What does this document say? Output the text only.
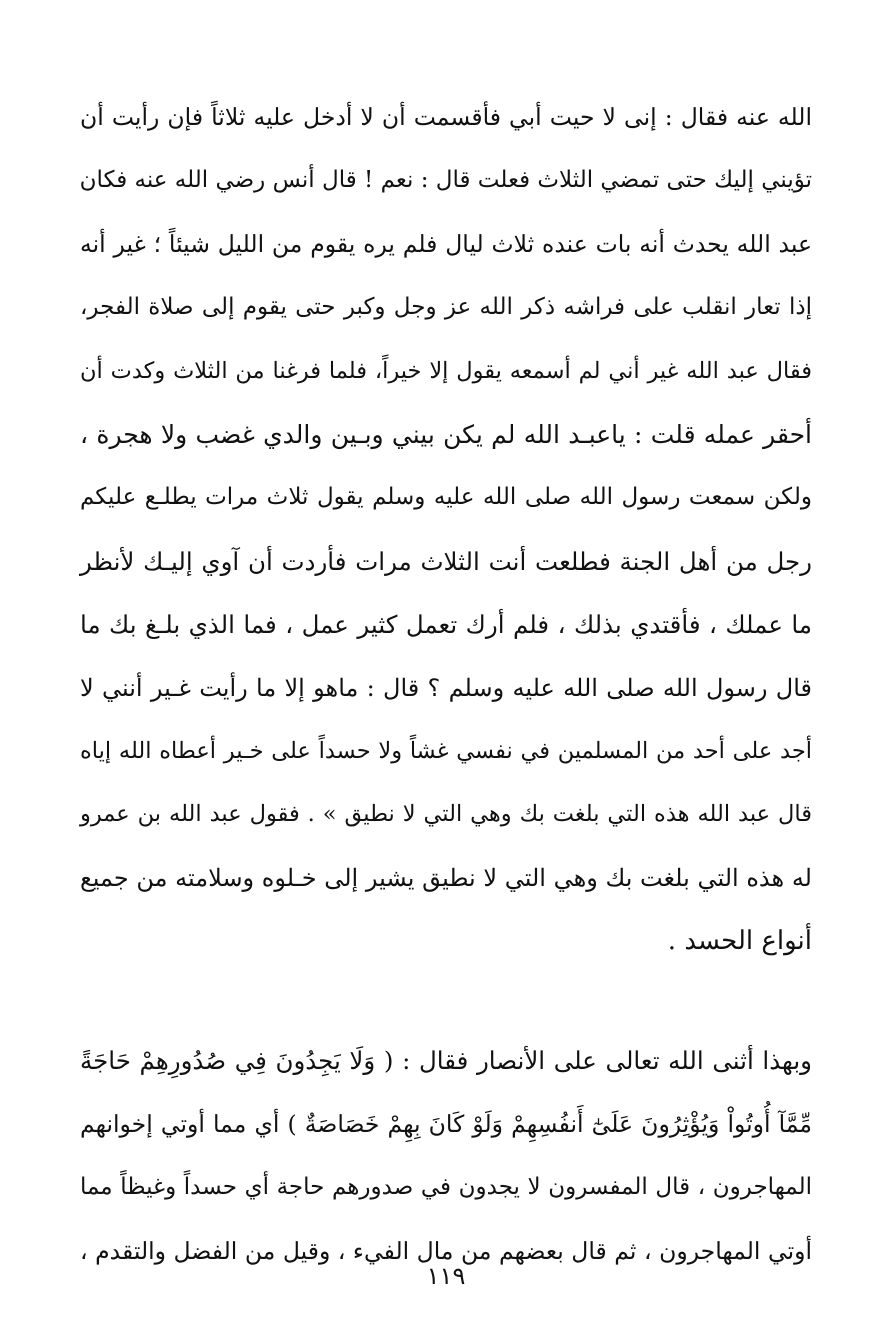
الله عنه فقال : إنى لا حيت أبي فأقسمت أن لا أدخل عليه ثلاثاً فإن رأيت أن
تؤيني إليك حتى تمضي الثلاث فعلت قال : نعم ! قال أنس رضي الله عنه فكان
عبد الله يحدث أنه بات عنده ثلاث ليال فلم يره يقوم من الليل شيئاً ؛ غير أنه
إذا تعار انقلب على فراشه ذكر الله عز وجل وكبر حتى يقوم إلى صلاة الفجر،
فقال عبد الله غير أني لم أسمعه يقول إلا خيراً، فلما فرغنا من الثلاث وكدت أن
أحقر عمله قلت : ياعبـد الله لم يكن بيني وبـين والدي غضب ولا هجرة ،
ولكن سمعت رسول الله صلى الله عليه وسلم يقول ثلاث مرات يطلـع عليكم
رجل من أهل الجنة فطلعت أنت الثلاث مرات فأردت أن آوي إليـك لأنظر
ما عملك ، فأقتدي بذلك ، فلم أرك تعمل كثير عمل ، فما الذي بلـغ بك ما
قال رسول الله صلى الله عليه وسلم ؟ قال : ماهو إلا ما رأيت غـير أنني لا
أجد على أحد من المسلمين في نفسي غشاً ولا حسداً على خـير أعطاه الله إياه
قال عبد الله هذه التي بلغت بك وهي التي لا نطيق » . فقول عبد الله بن عمرو
له هذه التي بلغت بك وهي التي لا نطيق يشير إلى خـلوه وسلامته من جميع
أنواع الحسد .
وبهذا أثنى الله تعالى على الأنصار فقال : ( وَلَا يَجِدُونَ فِي صُدُورِهِمْ حَاجَةً
مِّمَّآ أُوتُواْ وَيُؤْثِرُونَ عَلَىٰٓ أَنفُسِهِمْ وَلَوْ كَانَ بِهِمْ خَصَاصَةٌ ) أي مما أوتي إخوانهم
المهاجرون ، قال المفسرون لا يجدون في صدورهم حاجة أي حسداً وغيظاً مما
أوتي المهاجرون ، ثم قال بعضهم من مال الفيء ، وقيل من الفضل والتقدم ،
١١٩
